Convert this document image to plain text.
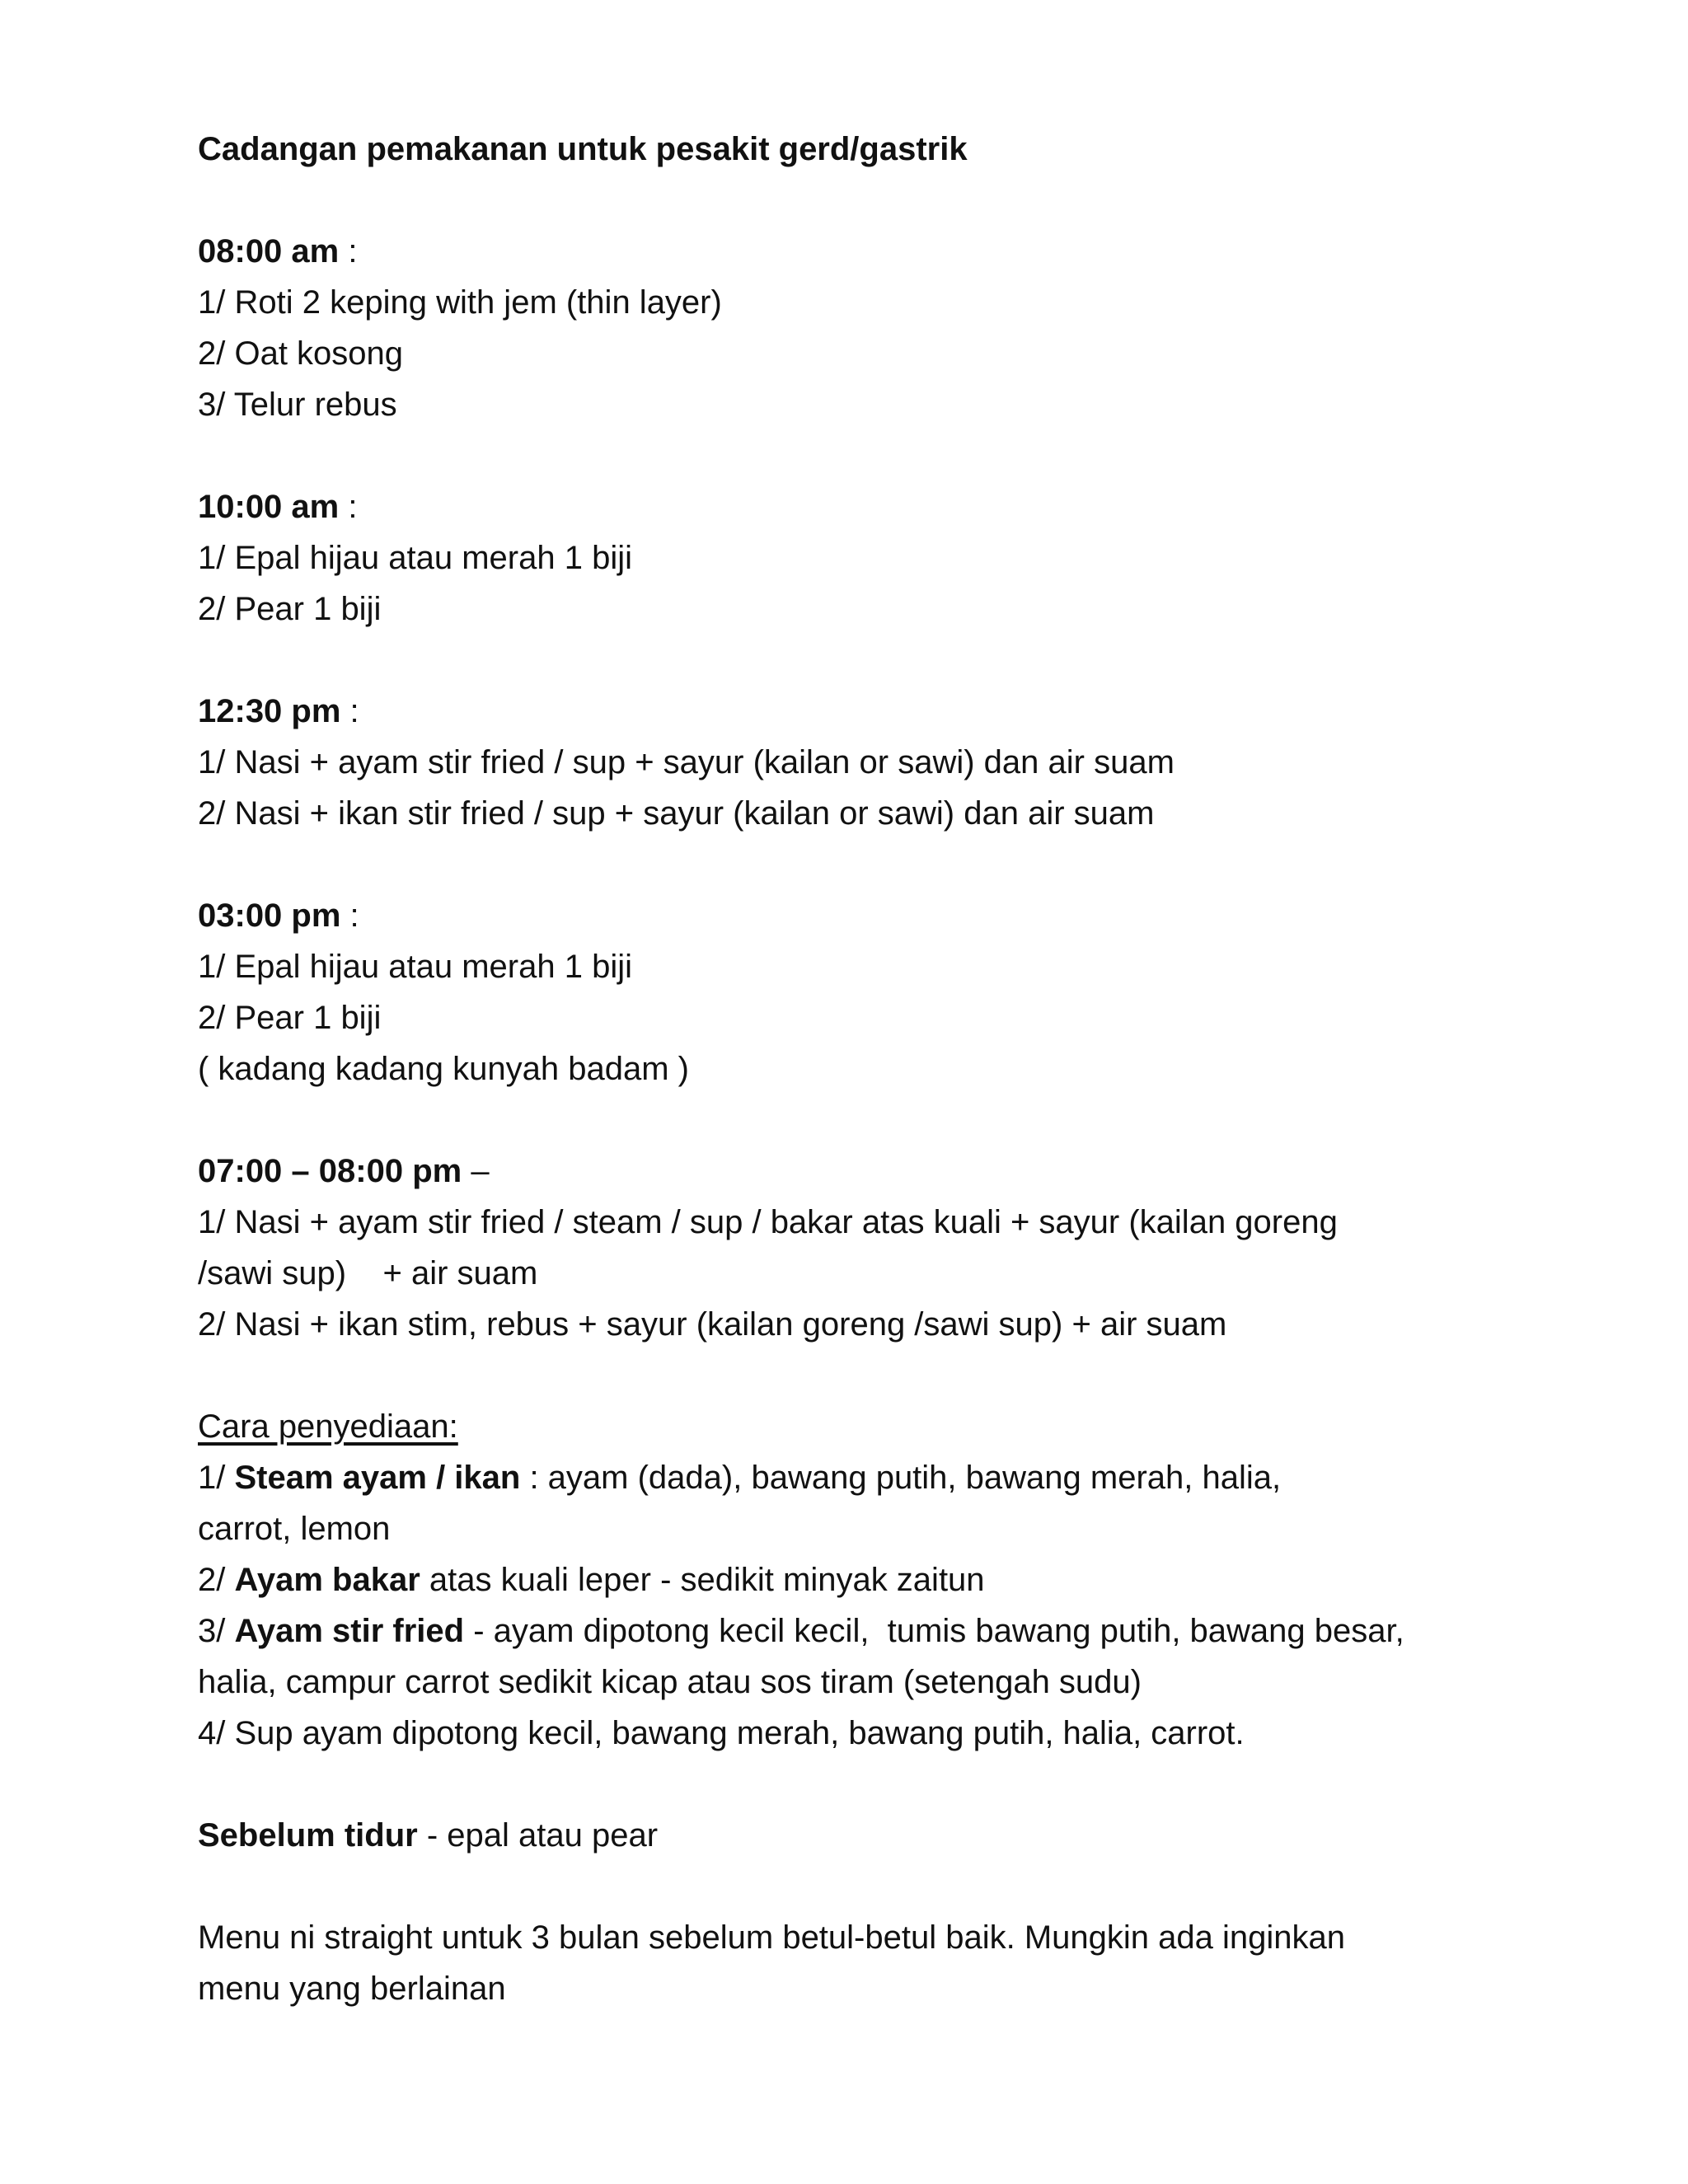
Cadangan pemakanan untuk pesakit gerd/gastrik
08:00 am :
1/ Roti 2 keping with jem (thin layer)
2/ Oat kosong
3/ Telur rebus
10:00 am :
1/ Epal hijau atau merah 1 biji
2/ Pear 1 biji
12:30 pm :
1/ Nasi + ayam stir fried / sup + sayur (kailan or sawi) dan air suam
2/ Nasi + ikan stir fried / sup + sayur (kailan or sawi) dan air suam
03:00 pm :
1/ Epal hijau atau merah 1 biji
2/ Pear 1 biji
( kadang kadang kunyah badam )
07:00 – 08:00 pm –
1/ Nasi + ayam stir fried / steam / sup / bakar atas kuali + sayur (kailan goreng
/sawi sup)    + air suam
2/ Nasi + ikan stim, rebus + sayur (kailan goreng /sawi sup) + air suam
Cara penyediaan:
1/ Steam ayam / ikan : ayam (dada), bawang putih, bawang merah, halia,
carrot, lemon
2/ Ayam bakar atas kuali leper - sedikit minyak zaitun
3/ Ayam stir fried - ayam dipotong kecil kecil,  tumis bawang putih, bawang besar,
halia, campur carrot sedikit kicap atau sos tiram (setengah sudu)
4/ Sup ayam dipotong kecil, bawang merah, bawang putih, halia, carrot.
Sebelum tidur - epal atau pear
Menu ni straight untuk 3 bulan sebelum betul-betul baik. Mungkin ada inginkan
menu yang berlainan
